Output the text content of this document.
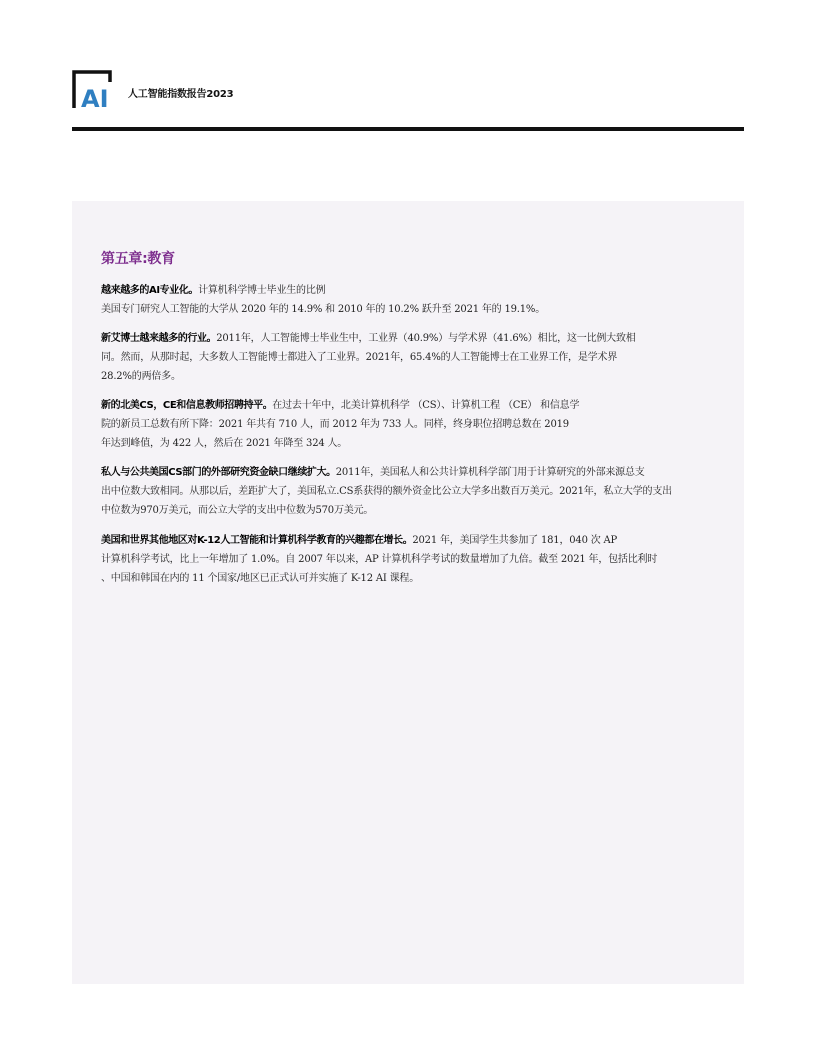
AI 人工智能指数报告2023
第五章:教育

越来越多的AI专业化。计算机科学博士毕业生的比例
美国专门研究人工智能的大学从 2020 年的 14.9% 和 2010 年的 10.2% 跃升至 2021 年的 19.1%。

新艾博士越来越多的行业。2011年，人工智能博士毕业生中，工业界（40.9%）与学术界（41.6%）相比，这一比例大致相
同。然而，从那时起，大多数人工智能博士都进入了工业界。2021年，65.4%的人工智能博士在工业界工作，是学术界
28.2%的两倍多。

新的北美CS，CE和信息教师招聘持平。在过去十年中，北美计算机科学 （CS）、计算机工程 （CE） 和信息学
院的新员工总数有所下降：2021 年共有 710 人，而 2012 年为 733 人。同样，终身职位招聘总数在 2019
年达到峰值，为 422 人，然后在 2021 年降至 324 人。

私人与公共美国CS部门的外部研究资金缺口继续扩大。2011年，美国私人和公共计算机科学部门用于计算研究的外部来源总支
出中位数大致相同。从那以后，差距扩大了，美国私立.CS系获得的额外资金比公立大学多出数百万美元。2021年，私立大学的支出
中位数为970万美元，而公立大学的支出中位数为570万美元。

美国和世界其他地区对K-12人工智能和计算机科学教育的兴趣都在增长。2021 年，美国学生共参加了 181，040 次 AP
计算机科学考试，比上一年增加了 1.0%。自 2007 年以来，AP 计算机科学考试的数量增加了九倍。截至 2021 年，包括比利时
、中国和韩国在内的 11 个国家/地区已正式认可并实施了 K-12 AI 课程。
